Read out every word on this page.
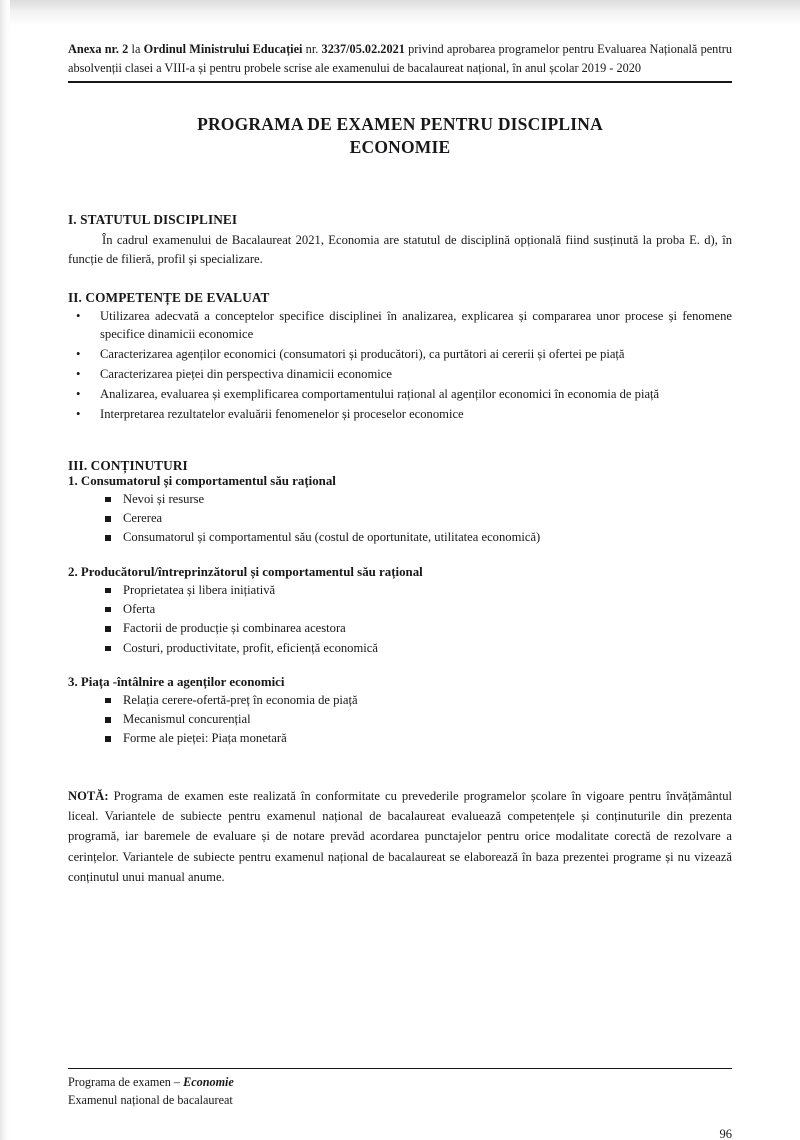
Anexa nr. 2 la Ordinul Ministrului Educației nr. 3237/05.02.2021 privind aprobarea programelor pentru Evaluarea Națională pentru absolvenții clasei a VIII-a și pentru probele scrise ale examenului de bacalaureat național, în anul școlar 2019 - 2020
PROGRAMA DE EXAMEN PENTRU DISCIPLINA
ECONOMIE
I. STATUTUL DISCIPLINEI

În cadrul examenului de Bacalaureat 2021, Economia are statutul de disciplină opțională fiind susținută la proba E. d), în funcție de filieră, profil și specializare.

II. COMPETENȚE DE EVALUAT
• Utilizarea adecvată a conceptelor specifice disciplinei în analizarea, explicarea și compararea unor procese și fenomene specifice dinamicii economice
• Caracterizarea agenților economici (consumatori și producători), ca purtători ai cererii și ofertei pe piață
• Caracterizarea pieței din perspectiva dinamicii economice
• Analizarea, evaluarea și exemplificarea comportamentului rațional al agenților economici în economia de piață
• Interpretarea rezultatelor evaluării fenomenelor și proceselor economice
III. CONȚINUTURI
1. Consumatorul și comportamentul său rațional
Nevoi și resurse
Cererea
Consumatorul și comportamentul său (costul de oportunitate, utilitatea economică)
2. Producătorul/întreprinzătorul și comportamentul său rațional
Proprietatea și libera inițiativă
Oferta
Factorii de producție și combinarea acestora
Costuri, productivitate, profit, eficiență economică
3. Piața -întâlnire a agenților economici
Relația cerere-ofertă-preț în economia de piață
Mecanismul concurențial
Forme ale pieței: Piața monetară

NOTĂ: Programa de examen este realizată în conformitate cu prevederile programelor școlare în vigoare pentru învățământul liceal. Variantele de subiecte pentru examenul național de bacalaureat evaluează competențele și conținuturile din prezenta programă, iar baremele de evaluare și de notare prevăd acordarea punctajelor pentru orice modalitate corectă de rezolvare a cerințelor. Variantele de subiecte pentru examenul național de bacalaureat se elaborează în baza prezentei programe și nu vizează conținutul unui manual anume.

Programa de examen – Economie
Examenul național de bacalaureat
96
